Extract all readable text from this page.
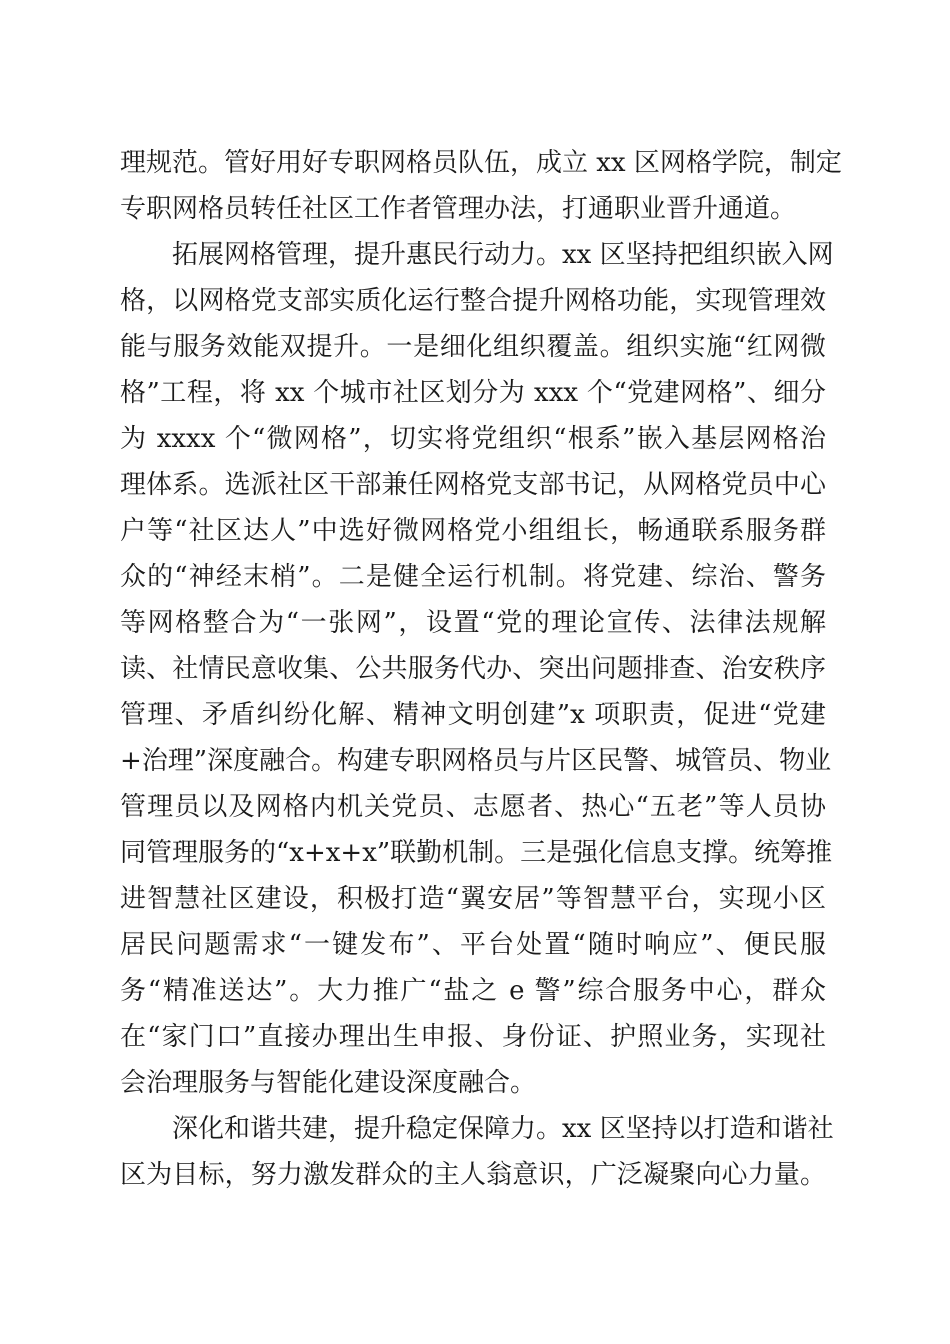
理规范。管好用好专职网格员队伍，成立 xx 区网格学院，制定
专职网格员转任社区工作者管理办法，打通职业晋升通道。
拓展网格管理，提升惠民行动力。xx 区坚持把组织嵌入网
格，以网格党支部实质化运行整合提升网格功能，实现管理效
能与服务效能双提升。一是细化组织覆盖。组织实施“红网微
格”工程，将 xx 个城市社区划分为 xxx 个“党建网格”、细分
为 xxxx 个“微网格”，切实将党组织“根系”嵌入基层网格治
理体系。选派社区干部兼任网格党支部书记，从网格党员中心
户等“社区达人”中选好微网格党小组组长，畅通联系服务群
众的“神经末梢”。二是健全运行机制。将党建、综治、警务
等网格整合为“一张网”，设置“党的理论宣传、法律法规解
读、社情民意收集、公共服务代办、突出问题排查、治安秩序
管理、矛盾纠纷化解、精神文明创建”x 项职责，促进“党建
+治理”深度融合。构建专职网格员与片区民警、城管员、物业
管理员以及网格内机关党员、志愿者、热心“五老”等人员协
同管理服务的“x+x+x”联勤机制。三是强化信息支撑。统筹推
进智慧社区建设，积极打造“翼安居”等智慧平台，实现小区
居民问题需求“一键发布”、平台处置“随时响应”、便民服
务“精准送达”。大力推广“盐之 e 警”综合服务中心，群众
在“家门口”直接办理出生申报、身份证、护照业务，实现社
会治理服务与智能化建设深度融合。
深化和谐共建，提升稳定保障力。xx 区坚持以打造和谐社
区为目标，努力激发群众的主人翁意识，广泛凝聚向心力量。
